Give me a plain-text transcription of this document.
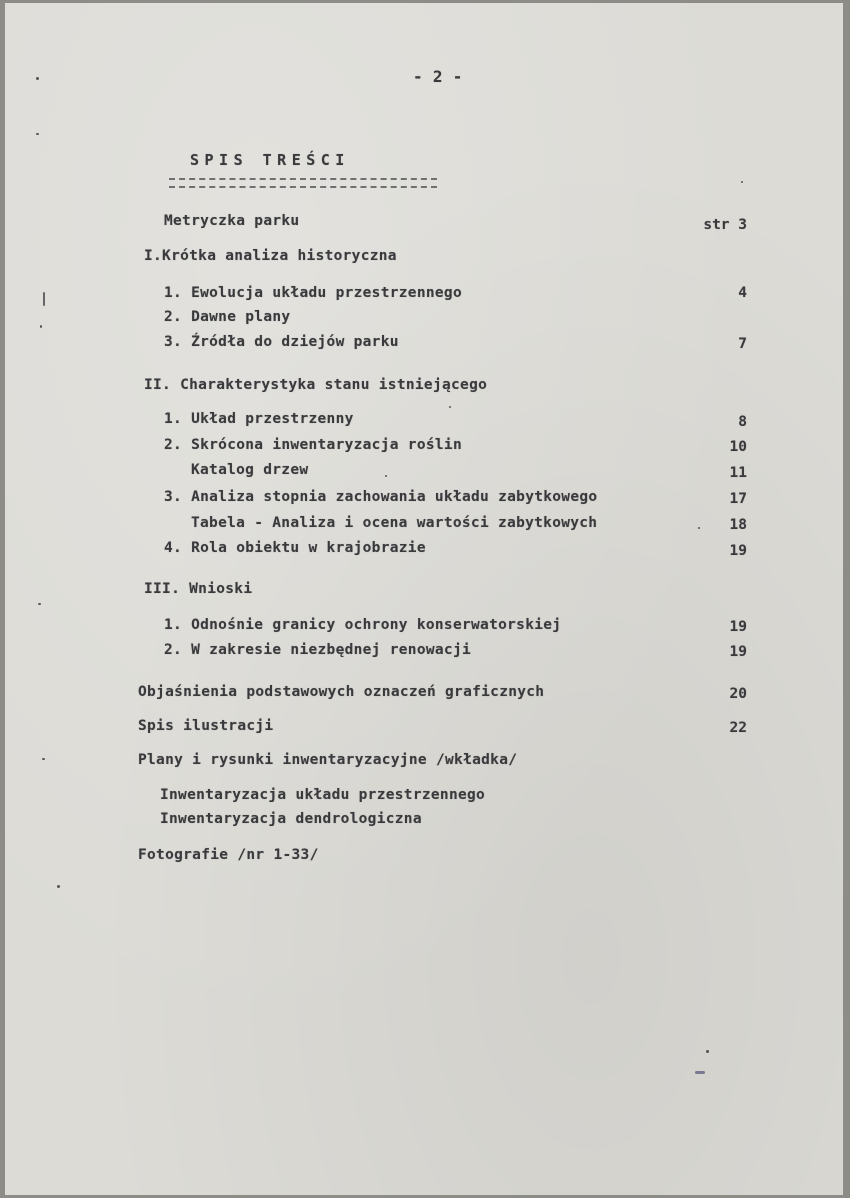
- 2 -
SPIS TREŚCI
Metryczka parku	str 3
I.Krótka analiza historyczna
1. Ewolucja układu przestrzennego	4
2. Dawne plany
3. Źródła do dziejów parku	7
II. Charakterystyka stanu istniejącego
1. Układ przestrzenny	8
2. Skrócona inwentaryzacja roślin	10
Katalog drzew	11
3. Analiza stopnia zachowania układu zabytkowego	17
Tabela - Analiza i ocena wartości zabytkowych	18
4. Rola obiektu w krajobrazie	19
III. Wnioski
1. Odnośnie granicy ochrony konserwatorskiej	19
2. W zakresie niezbędnej renowacji	19
Objaśnienia podstawowych oznaczeń graficznych	20
Spis ilustracji	22
Plany i rysunki inwentaryzacyjne /wkładka/
Inwentaryzacja układu przestrzennego
Inwentaryzacja dendrologiczna
Fotografie /nr 1-33/
